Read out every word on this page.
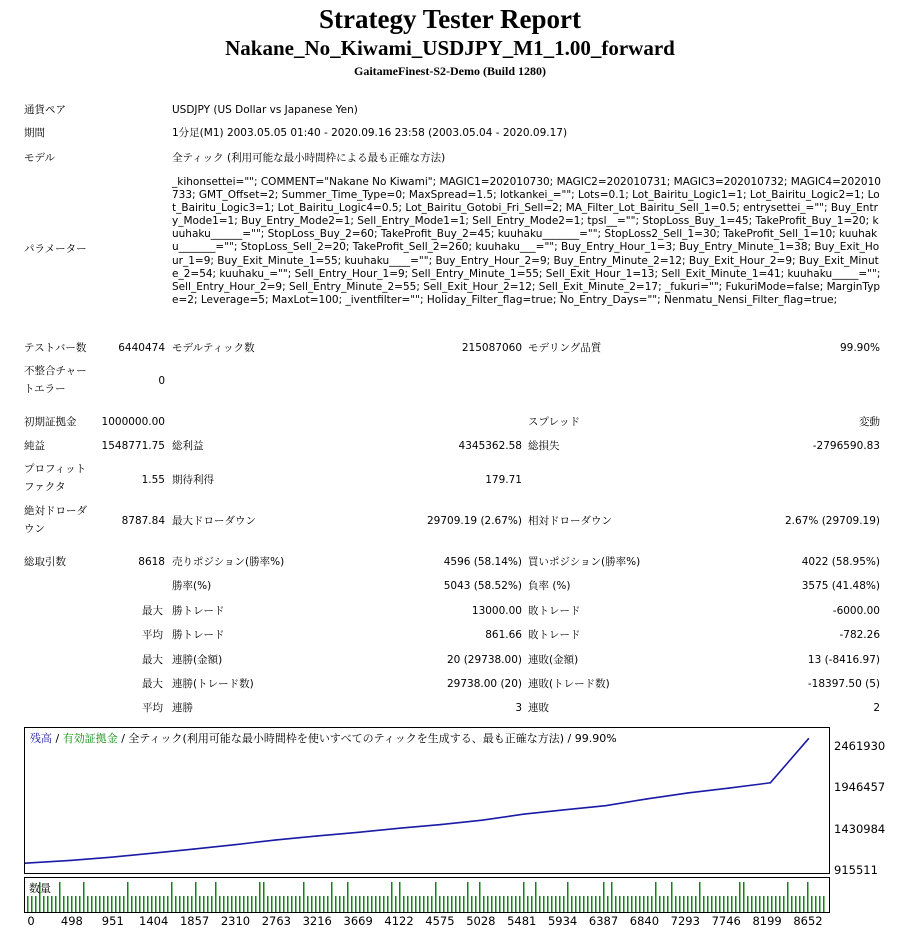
Strategy Tester Report
Nakane_No_Kiwami_USDJPY_M1_1.00_forward
GaitameFinest-S2-Demo (Build 1280)
通貨ペア	USDJPY (US Dollar vs Japanese Yen)
期間	1分足(M1) 2003.05.05 01:40 - 2020.09.16 23:58 (2003.05.04 - 2020.09.17)
モデル	全ティック (利用可能な最小時間枠による最も正確な方法)
パラメーター
_kihonsettei=""; COMMENT="Nakane No Kiwami"; MAGIC1=202010730; MAGIC2=202010731; MAGIC3=202010732; MAGIC4=202010733; GMT_Offset=2; Summer_Time_Type=0; MaxSpread=1.5; lotkankei_=""; Lots=0.1; Lot_Bairitu_Logic1=1; Lot_Bairitu_Logic2=1; Lot_Bairitu_Logic3=1; Lot_Bairitu_Logic4=0.5; Lot_Bairitu_Gotobi_Fri_Sell=2; MA_Filter_Lot_Bairitu_Sell_1=0.5; entrysettei_=""; Buy_Entry_Mode1=1; Buy_Entry_Mode2=1; Sell_Entry_Mode1=1; Sell_Entry_Mode2=1; tpsl__=""; StopLoss_Buy_1=45; TakeProfit_Buy_1=20; kuuhaku______=""; StopLoss_Buy_2=60; TakeProfit_Buy_2=45; kuuhaku_______=""; StopLoss2_Sell_1=30; TakeProfit_Sell_1=10; kuuhaku_______=""; StopLoss_Sell_2=20; TakeProfit_Sell_2=260; kuuhaku___=""; Buy_Entry_Hour_1=3; Buy_Entry_Minute_1=38; Buy_Exit_Hour_1=9; Buy_Exit_Minute_1=55; kuuhaku____=""; Buy_Entry_Hour_2=9; Buy_Entry_Minute_2=12; Buy_Exit_Hour_2=9; Buy_Exit_Minute_2=54; kuuhaku_=""; Sell_Entry_Hour_1=9; Sell_Entry_Minute_1=55; Sell_Exit_Hour_1=13; Sell_Exit_Minute_1=41; kuuhaku_____=""; Sell_Entry_Hour_2=9; Sell_Entry_Minute_2=55; Sell_Exit_Hour_2=12; Sell_Exit_Minute_2=17; _fukuri=""; FukuriMode=false; MarginType=2; Leverage=5; MaxLot=100; _iventfilter=""; Holiday_Filter_flag=true; No_Entry_Days=""; Nenmatu_Nensi_Filter_flag=true;
テストバー数	6440474 モデルティック数	215087060 モデリング品質	99.90%
不整合チャー
トエラー
0
初期証拠金	1000000.00	スプレッド	変動
純益	1548771.75 総利益	4345362.58 総損失	-2796590.83
プロフィット
ファクタ
1.55 期待利得	179.71
絶対ドローダ
ウン
8787.84 最大ドローダウン	29709.19 (2.67%) 相対ドローダウン	2.67% (29709.19)
総取引数	8618 売りポジション(勝率%)	4596 (58.14%) 買いポジション(勝率%)	4022 (58.95%)
勝率(%)	5043 (58.52%) 負率 (%)	3575 (41.48%)
最大 勝トレード	13000.00 敗トレード	-6000.00
平均 勝トレード	861.66 敗トレード	-782.26
最大 連勝(金額)	20 (29738.00) 連敗(金額)	13 (-8416.97)
最大 連勝(トレード数)	29738.00 (20) 連敗(トレード数)	-18397.50 (5)
平均 連勝	3 連敗	2
残高 / 有効証拠金 / 全ティック(利用可能な最小時間枠を使いすべてのティックを生成する、最も正確な方法) / 99.90%
数量
915511
1430984
1946457
2461930
0 498 951 1404 1857 2310 2763 3216 3669 4122 4575 5028 5481 5934 6387 6840 7293 7746 8199 8652
